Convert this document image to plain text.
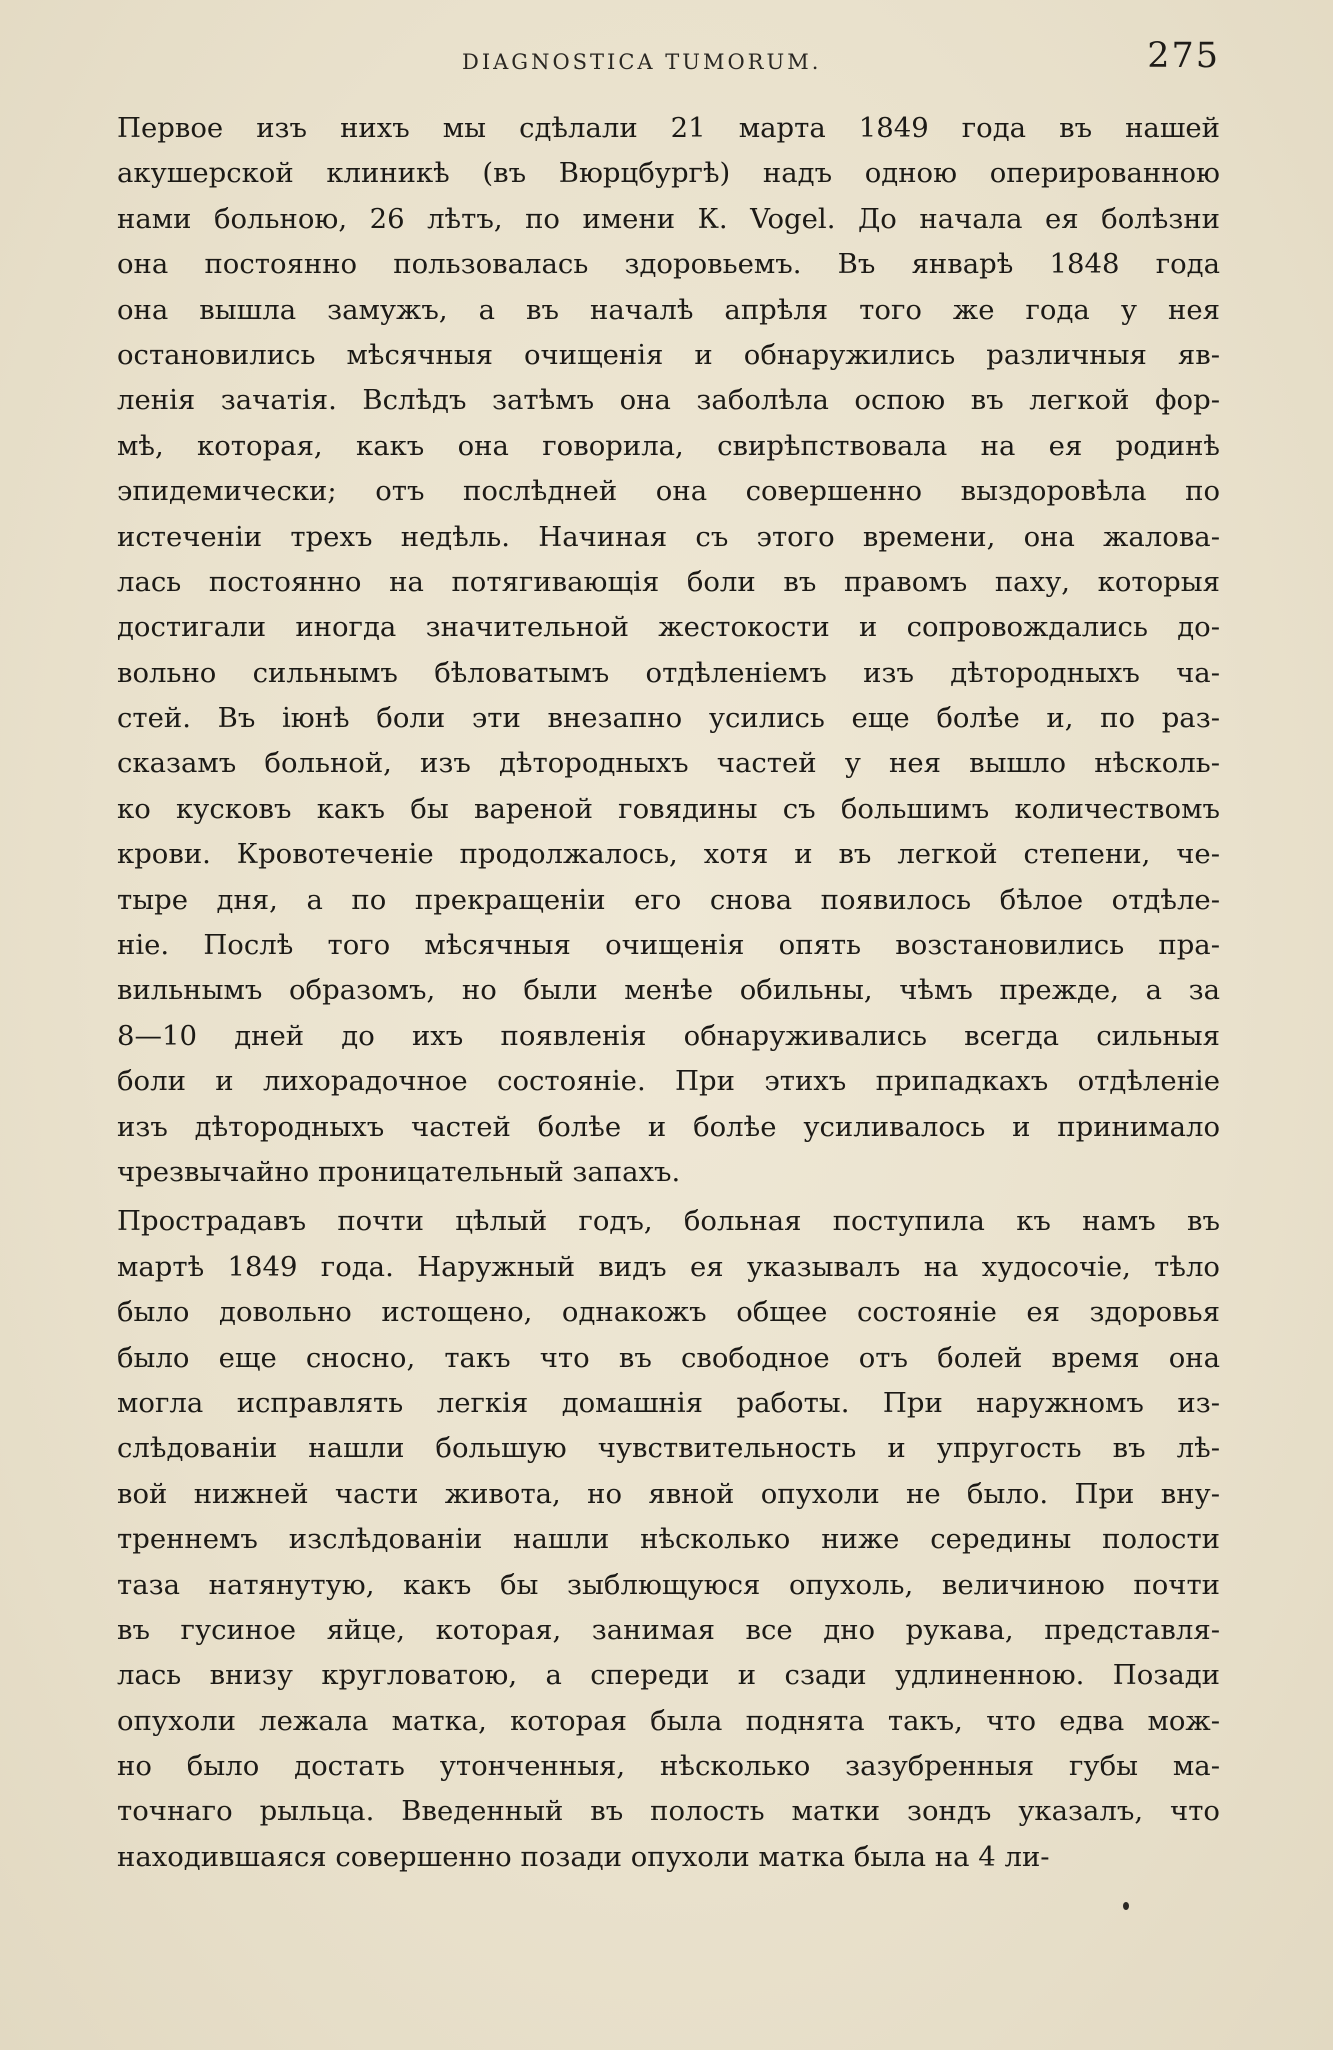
DIAGNOSTICA TUMORUM.	275
Первое изъ нихъ мы сдѣлали 21 марта 1849 года въ нашей
акушерской клиникѣ (въ Вюрцбургѣ) надъ одною оперированною
нами больною, 26 лѣтъ, по имени К. Vogel. До начала ея болѣзни
она постоянно пользовалась здоровьемъ. Въ январѣ 1848 года
она вышла замужъ, а въ началѣ апрѣля того же года у нея
остановились мѣсячныя очищенія и обнаружились различныя яв-
ленія зачатія. Вслѣдъ затѣмъ она заболѣла оспою въ легкой фор-
мѣ, которая, какъ она говорила, свирѣпствовала на ея родинѣ
эпидемически; отъ послѣдней она совершенно выздоровѣла по
истеченіи трехъ недѣль. Начиная съ этого времени, она жалова-
лась постоянно на потягивающія боли въ правомъ паху, которыя
достигали иногда значительной жестокости и сопровождались до-
вольно сильнымъ бѣловатымъ отдѣленіемъ изъ дѣтородныхъ ча-
стей. Въ іюнѣ боли эти внезапно усились еще болѣе и, по раз-
сказамъ больной, изъ дѣтородныхъ частей у нея вышло нѣсколь-
ко кусковъ какъ бы вареной говядины съ большимъ количествомъ
крови. Кровотеченіе продолжалось, хотя и въ легкой степени, че-
тыре дня, а по прекращеніи его снова появилось бѣлое отдѣле-
ніе. Послѣ того мѣсячныя очищенія опять возстановились пра-
вильнымъ образомъ, но были менѣе обильны, чѣмъ прежде, а за
8—10 дней до ихъ появленія обнаруживались всегда сильныя
боли и лихорадочное состояніе. При этихъ припадкахъ отдѣленіе
изъ дѣтородныхъ частей болѣе и болѣе усиливалось и принимало
чрезвычайно проницательный запахъ.
Прострадавъ почти цѣлый годъ, больная поступила къ намъ въ
мартѣ 1849 года. Наружный видъ ея указывалъ на худосочіе, тѣло
было довольно истощено, однакожъ общее состояніе ея здоровья
было еще сносно, такъ что въ свободное отъ болей время она
могла исправлять легкія домашнія работы. При наружномъ из-
слѣдованіи нашли большую чувствительность и упругость въ лѣ-
вой нижней части живота, но явной опухоли не было. При вну-
треннемъ изслѣдованіи нашли нѣсколько ниже середины полости
таза натянутую, какъ бы зыблющуюся опухоль, величиною почти
въ гусиное яйце, которая, занимая все дно рукава, представля-
лась внизу кругловатою, а спереди и сзади удлиненною. Позади
опухоли лежала матка, которая была поднята такъ, что едва мож-
но было достать утонченныя, нѣсколько зазубренныя губы ма-
точнаго рыльца. Введенный въ полость матки зондъ указалъ, что
находившаяся совершенно позади опухоли матка была на 4 ли-
